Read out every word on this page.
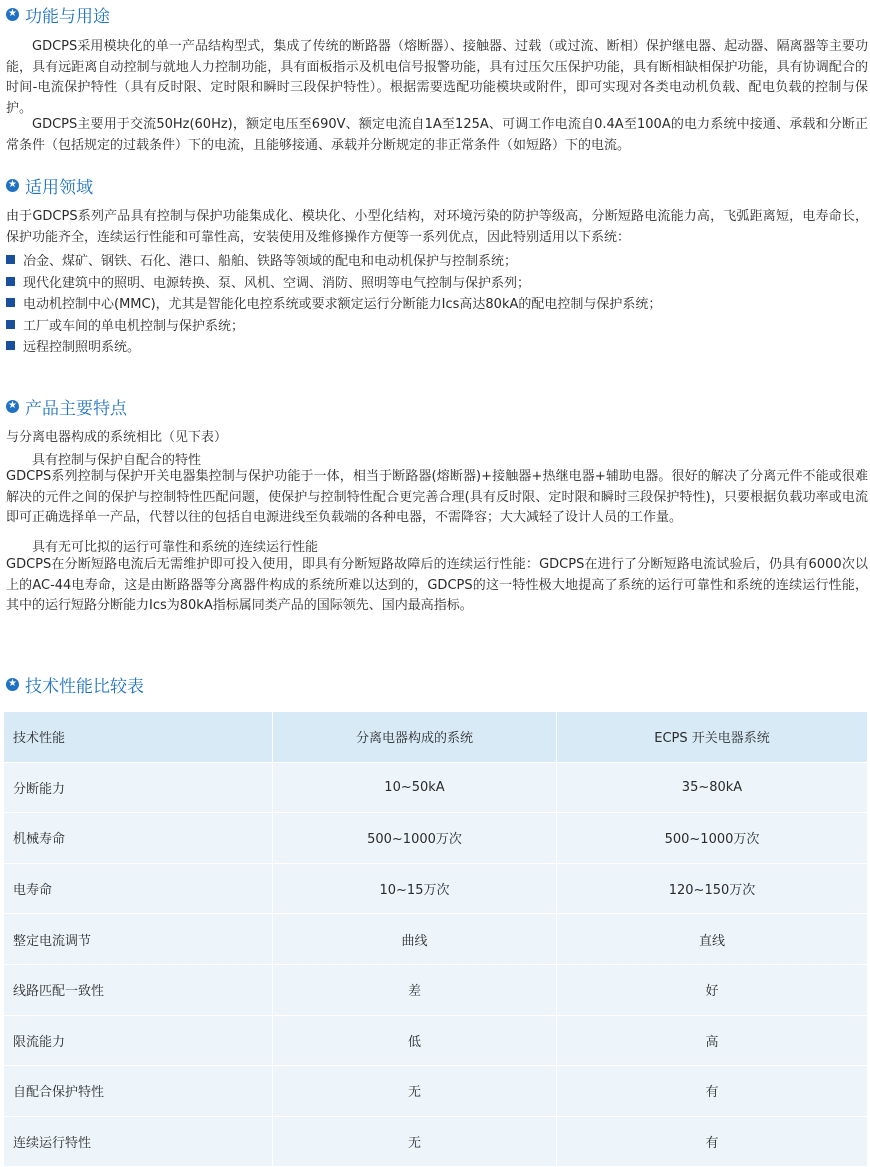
★ 功能与用途

GDCPS采用模块化的单一产品结构型式，集成了传统的断路器（熔断器）、接触器、过载（或过流、断相）保护继电器、起动器、隔离器等主要功能，具有远距离自动控制与就地人力控制功能，具有面板指示及机电信号报警功能，具有过压欠压保护功能，具有断相缺相保护功能，具有协调配合的时间-电流保护特性（具有反时限、定时限和瞬时三段保护特性）。根据需要选配功能模块或附件，即可实现对各类电动机负载、配电负载的控制与保护。

GDCPS主要用于交流50Hz(60Hz)，额定电压至690V、额定电流自1A至125A、可调工作电流自0.4A至100A的电力系统中接通、承载和分断正常条件（包括规定的过载条件）下的电流，且能够接通、承载并分断规定的非正常条件（如短路）下的电流。

★ 适用领域

由于GDCPS系列产品具有控制与保护功能集成化、模块化、小型化结构，对环境污染的防护等级高，分断短路电流能力高，飞弧距离短，电寿命长，保护功能齐全，连续运行性能和可靠性高，安装使用及维修操作方便等一系列优点，因此特别适用以下系统：

冶金、煤矿、钢铁、石化、港口、船舶、铁路等领域的配电和电动机保护与控制系统；
现代化建筑中的照明、电源转换、泵、风机、空调、消防、照明等电气控制与保护系列；
电动机控制中心(MMC)，尤其是智能化电控系统或要求额定运行分断能力Ics高达80kA的配电控制与保护系统；
工厂或车间的单电机控制与保护系统；
远程控制照明系统。
★ 产品主要特点

与分离电器构成的系统相比（见下表）

具有控制与保护自配合的特性

GDCPS系列控制与保护开关电器集控制与保护功能于一体，相当于断路器(熔断器)+接触器+热继电器+辅助电器。很好的解决了分离元件不能或很难解决的元件之间的保护与控制特性匹配问题，使保护与控制特性配合更完善合理(具有反时限、定时限和瞬时三段保护特性)，只要根据负载功率或电流即可正确选择单一产品，代替以往的包括自电源进线至负载端的各种电器，不需降容；大大减轻了设计人员的工作量。

具有无可比拟的运行可靠性和系统的连续运行性能

GDCPS在分断短路电流后无需维护即可投入使用，即具有分断短路故障后的连续运行性能：GDCPS在进行了分断短路电流试验后，仍具有6000次以上的AC-44电寿命，这是由断路器等分离器件构成的系统所难以达到的，GDCPS的这一特性极大地提高了系统的运行可靠性和系统的连续运行性能，其中的运行短路分断能力Ics为80kA指标属同类产品的国际领先、国内最高指标。

★ 技术性能比较表
技术性能	分离电器构成的系统	ECPS 开关电器系统
分断能力	10~50kA	35~80kA
机械寿命	500~1000万次	500~1000万次
电寿命	10~15万次	120~150万次
整定电流调节	曲线	直线
线路匹配一致性	差	好
限流能力	低	高
自配合保护特性	无	有
连续运行特性	无	有
